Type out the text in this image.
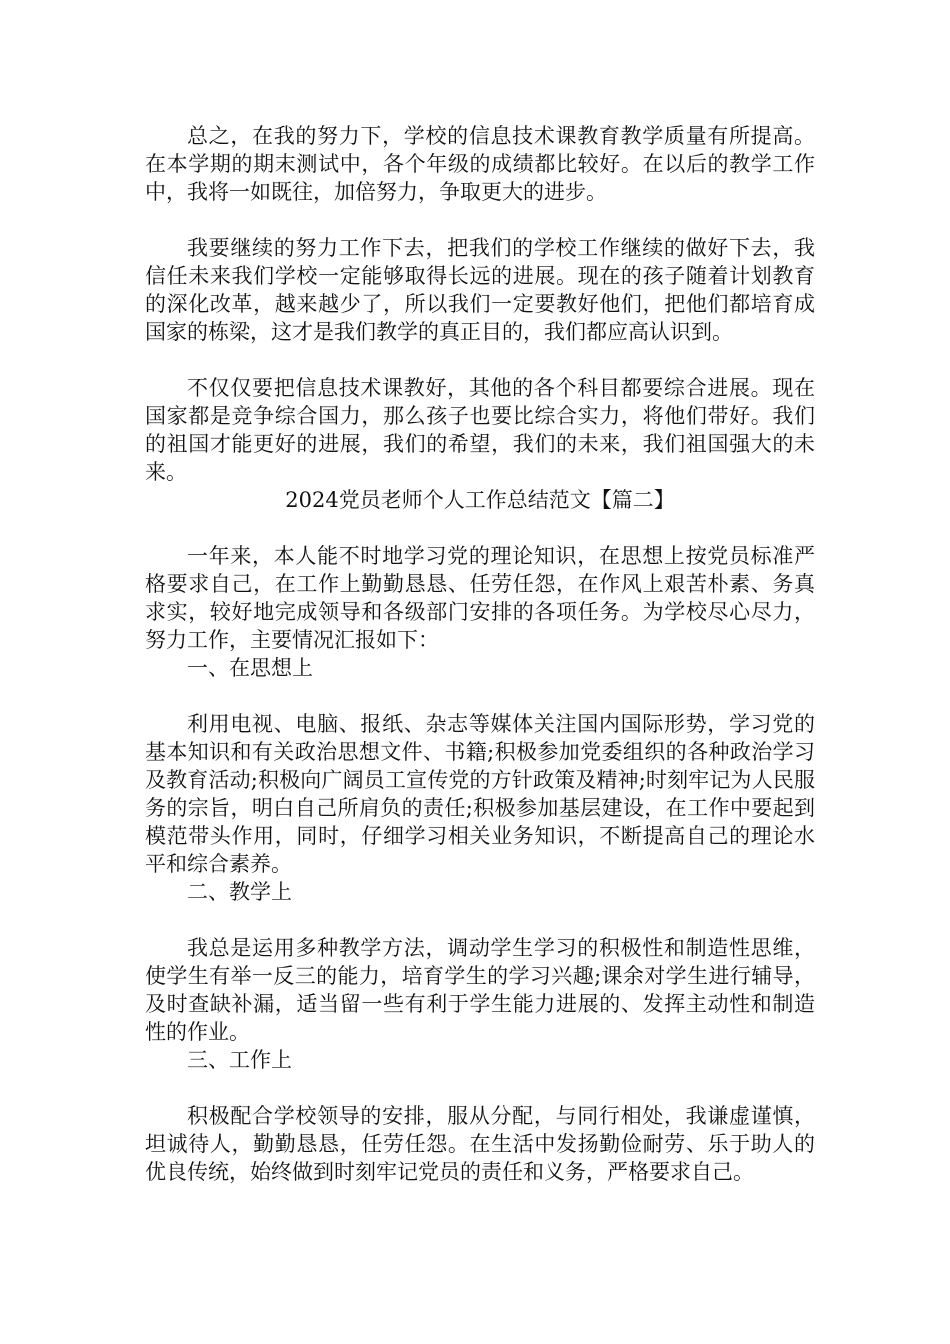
总之，在我的努力下，学校的信息技术课教育教学质量有所提高。在本学期的期末测试中，各个年级的成绩都比较好。在以后的教学工作中，我将一如既往，加倍努力，争取更大的进步。

我要继续的努力工作下去，把我们的学校工作继续的做好下去，我信任未来我们学校一定能够取得长远的进展。现在的孩子随着计划教育的深化改革，越来越少了，所以我们一定要教好他们，把他们都培育成国家的栋梁，这才是我们教学的真正目的，我们都应高认识到。

不仅仅要把信息技术课教好，其他的各个科目都要综合进展。现在国家都是竞争综合国力，那么孩子也要比综合实力，将他们带好。我们的祖国才能更好的进展，我们的希望，我们的未来，我们祖国强大的未来。

2024党员老师个人工作总结范文【篇二】

一年来，本人能不时地学习党的理论知识，在思想上按党员标准严格要求自己，在工作上勤勤恳恳、任劳任怨，在作风上艰苦朴素、务真求实，较好地完成领导和各级部门安排的各项任务。为学校尽心尽力，努力工作，主要情况汇报如下：

一、在思想上

利用电视、电脑、报纸、杂志等媒体关注国内国际形势，学习党的基本知识和有关政治思想文件、书籍;积极参加党委组织的各种政治学习及教育活动;积极向广阔员工宣传党的方针政策及精神;时刻牢记为人民服务的宗旨，明白自己所肩负的责任;积极参加基层建设，在工作中要起到模范带头作用，同时，仔细学习相关业务知识，不断提高自己的理论水平和综合素养。

二、教学上

我总是运用多种教学方法，调动学生学习的积极性和制造性思维，使学生有举一反三的能力，培育学生的学习兴趣;课余对学生进行辅导，及时查缺补漏，适当留一些有利于学生能力进展的、发挥主动性和制造性的作业。

三、工作上

积极配合学校领导的安排，服从分配，与同行相处，我谦虚谨慎，坦诚待人，勤勤恳恳，任劳任怨。在生活中发扬勤俭耐劳、乐于助人的优良传统，始终做到时刻牢记党员的责任和义务，严格要求自己。
